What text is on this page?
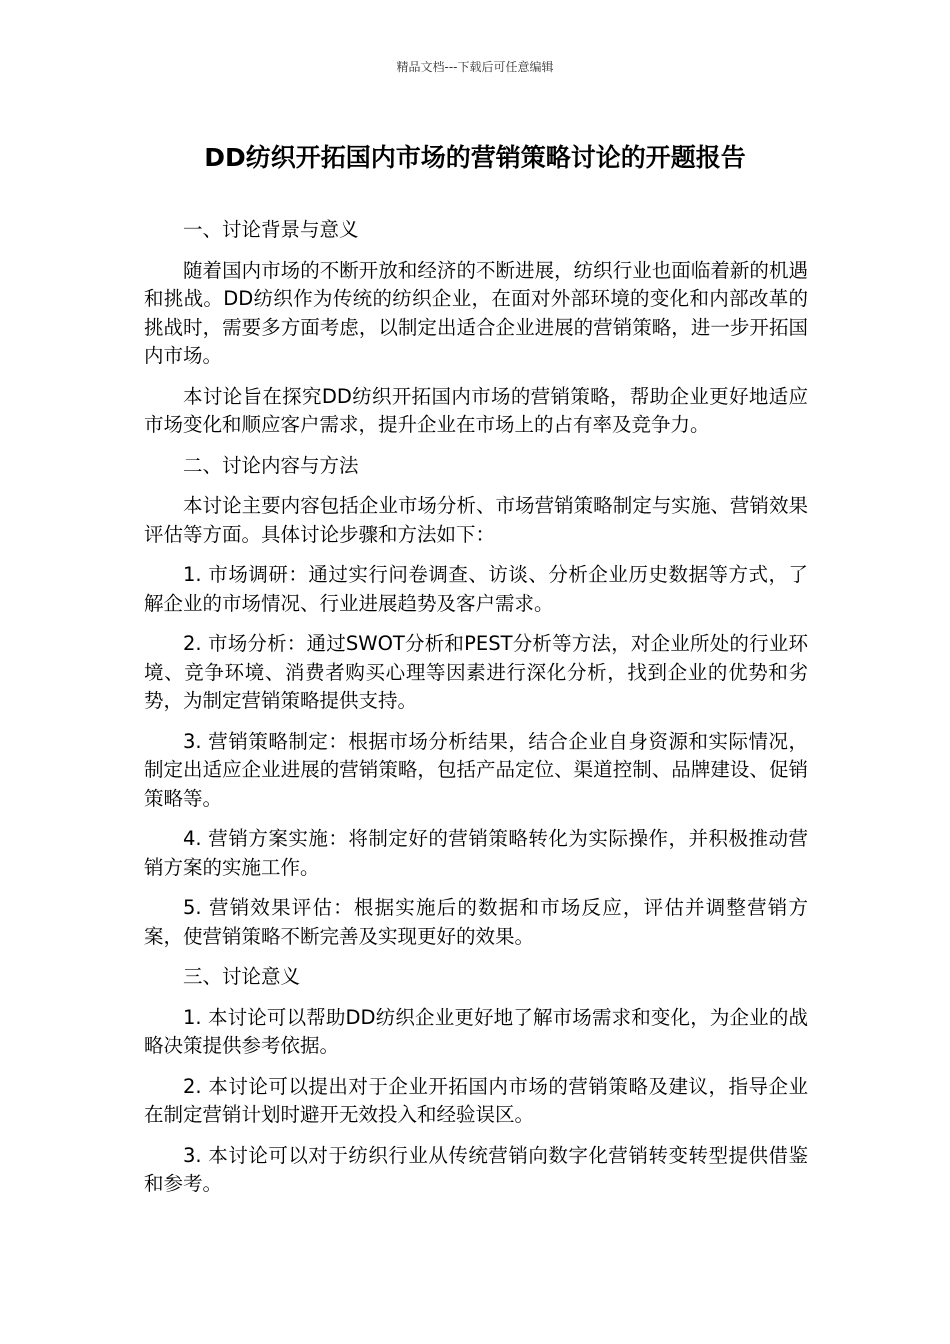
精品文档---下载后可任意编辑
DD纺织开拓国内市场的营销策略讨论的开题报告

一、讨论背景与意义

随着国内市场的不断开放和经济的不断进展，纺织行业也面临着新的机遇和挑战。DD纺织作为传统的纺织企业，在面对外部环境的变化和内部改革的挑战时，需要多方面考虑，以制定出适合企业进展的营销策略，进一步开拓国内市场。

本讨论旨在探究DD纺织开拓国内市场的营销策略，帮助企业更好地适应市场变化和顺应客户需求，提升企业在市场上的占有率及竞争力。

二、讨论内容与方法

本讨论主要内容包括企业市场分析、市场营销策略制定与实施、营销效果评估等方面。具体讨论步骤和方法如下：

1. 市场调研：通过实行问卷调查、访谈、分析企业历史数据等方式，了解企业的市场情况、行业进展趋势及客户需求。

2. 市场分析：通过SWOT分析和PEST分析等方法，对企业所处的行业环境、竞争环境、消费者购买心理等因素进行深化分析，找到企业的优势和劣势，为制定营销策略提供支持。

3. 营销策略制定：根据市场分析结果，结合企业自身资源和实际情况，制定出适应企业进展的营销策略，包括产品定位、渠道控制、品牌建设、促销策略等。

4. 营销方案实施：将制定好的营销策略转化为实际操作，并积极推动营销方案的实施工作。

5. 营销效果评估：根据实施后的数据和市场反应，评估并调整营销方案，使营销策略不断完善及实现更好的效果。

三、讨论意义

1. 本讨论可以帮助DD纺织企业更好地了解市场需求和变化，为企业的战略决策提供参考依据。

2. 本讨论可以提出对于企业开拓国内市场的营销策略及建议，指导企业在制定营销计划时避开无效投入和经验误区。

3. 本讨论可以对于纺织行业从传统营销向数字化营销转变转型提供借鉴和参考。
